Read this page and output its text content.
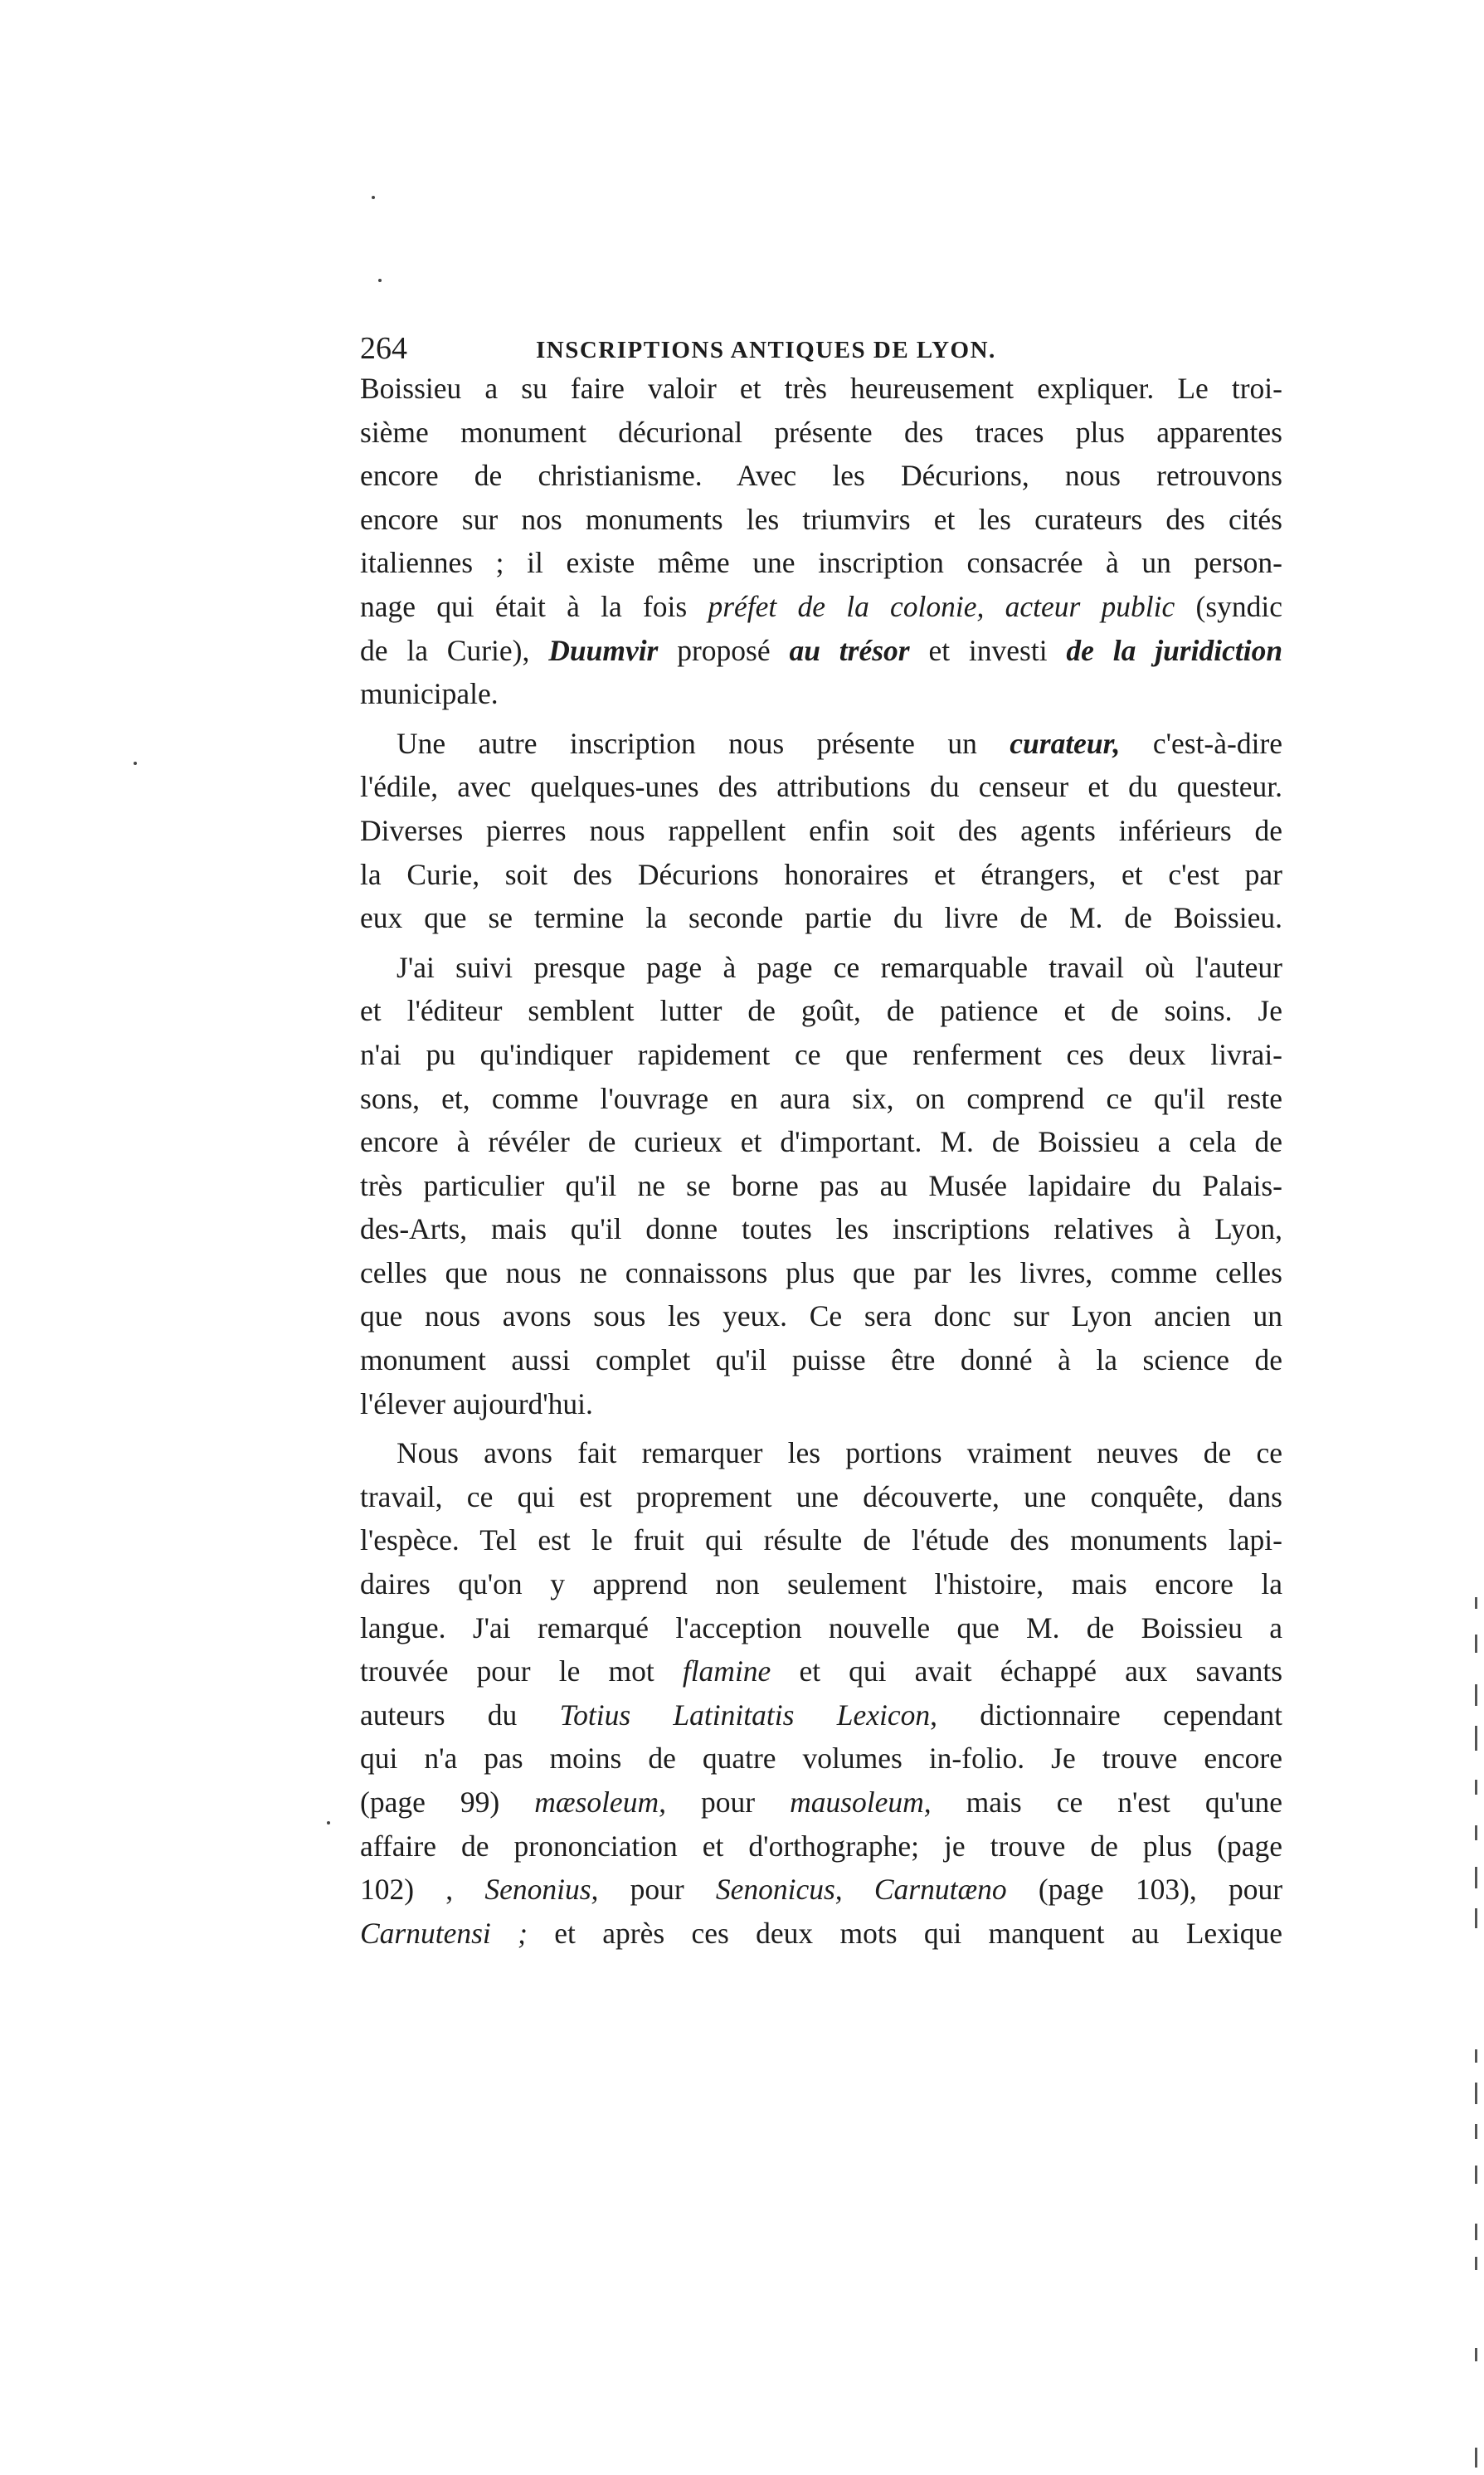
264	INSCRIPTIONS ANTIQUES DE LYON.
Boissieu a su faire valoir et très heureusement expliquer. Le troi-
sième monument décurional présente des traces plus apparentes
encore de christianisme. Avec les Décurions, nous retrouvons
encore sur nos monuments les triumvirs et les curateurs des cités
italiennes ; il existe même une inscription consacrée à un person-
nage qui était à la fois préfet de la colonie, acteur public (syndic
de la Curie), Duumvir proposé au trésor et investi de la juridiction
municipale.
Une autre inscription nous présente un curateur, c'est-à-dire
l'édile, avec quelques-unes des attributions du censeur et du questeur.
Diverses pierres nous rappellent enfin soit des agents inférieurs de
la Curie, soit des Décurions honoraires et étrangers, et c'est par
eux que se termine la seconde partie du livre de M. de Boissieu.
J'ai suivi presque page à page ce remarquable travail où l'auteur
et l'éditeur semblent lutter de goût, de patience et de soins. Je
n'ai pu qu'indiquer rapidement ce que renferment ces deux livrai-
sons, et, comme l'ouvrage en aura six, on comprend ce qu'il reste
encore à révéler de curieux et d'important. M. de Boissieu a cela de
très particulier qu'il ne se borne pas au Musée lapidaire du Palais-
des-Arts, mais qu'il donne toutes les inscriptions relatives à Lyon,
celles que nous ne connaissons plus que par les livres, comme celles
que nous avons sous les yeux. Ce sera donc sur Lyon ancien un
monument aussi complet qu'il puisse être donné à la science de
l'élever aujourd'hui.
Nous avons fait remarquer les portions vraiment neuves de ce
travail, ce qui est proprement une découverte, une conquête, dans
l'espèce. Tel est le fruit qui résulte de l'étude des monuments lapi-
daires qu'on y apprend non seulement l'histoire, mais encore la
langue. J'ai remarqué l'acception nouvelle que M. de Boissieu a
trouvée pour le mot flamine et qui avait échappé aux savants
auteurs du Totius Latinitatis Lexicon, dictionnaire cependant
qui n'a pas moins de quatre volumes in-folio. Je trouve encore
(page 99) mæsoleum, pour mausoleum, mais ce n'est qu'une
affaire de prononciation et d'orthographe; je trouve de plus (page
102) , Senonius, pour Senonicus, Carnutæno (page 103), pour
Carnutensi ; et après ces deux mots qui manquent au Lexique
